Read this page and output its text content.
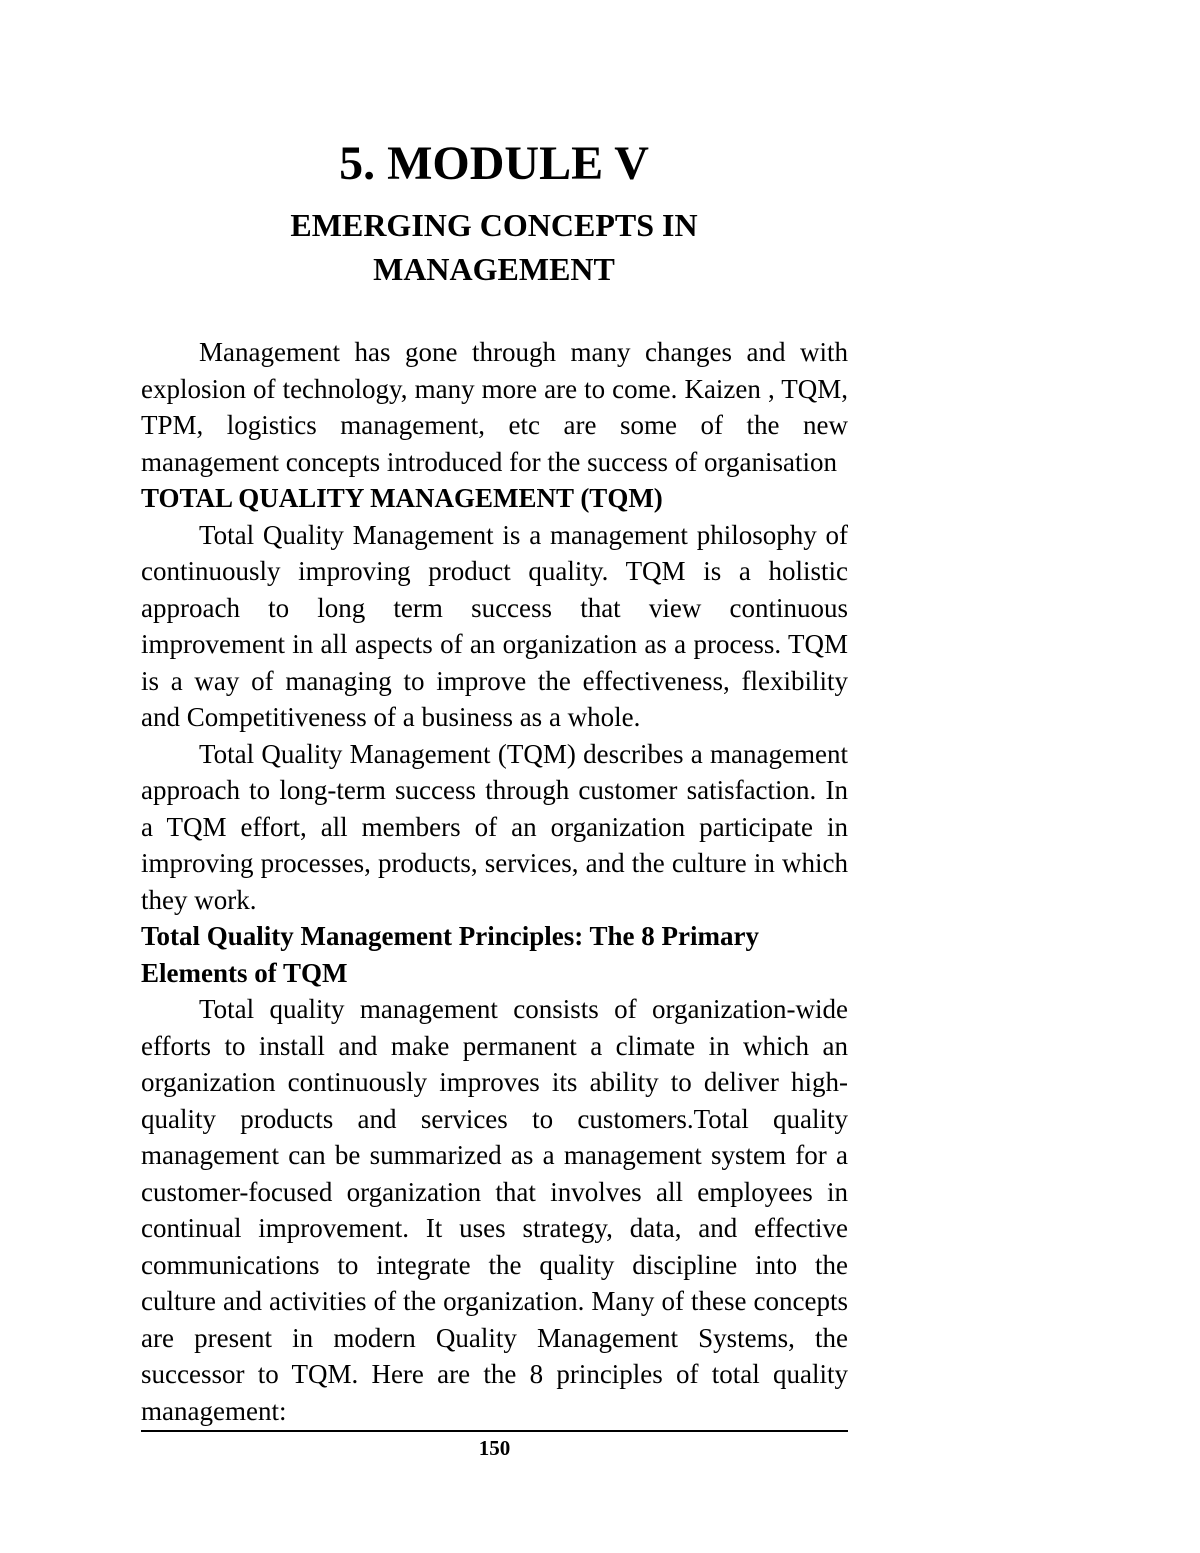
5. MODULE V
EMERGING CONCEPTS IN
MANAGEMENT

Management has gone through many changes and with explosion of technology, many more are to come. Kaizen , TQM, TPM, logistics management, etc are some of the new management concepts introduced for the success of organisation

TOTAL QUALITY MANAGEMENT (TQM)

Total Quality Management is a management philosophy of continuously improving product quality. TQM is a holistic approach to long term success that view continuous improvement in all aspects of an organization as a process. TQM is a way of managing to improve the effectiveness, flexibility and Competitiveness of a business as a whole.

Total Quality Management (TQM) describes a management approach to long-term success through customer satisfaction. In a TQM effort, all members of an organization participate in improving processes, products, services, and the culture in which they work.

Total Quality Management Principles: The 8 Primary Elements of TQM

Total quality management consists of organization-wide efforts to install and make permanent a climate in which an organization continuously improves its ability to deliver high-quality products and services to customers.Total quality management can be summarized as a management system for a customer-focused organization that involves all employees in continual improvement. It uses strategy, data, and effective communications to integrate the quality discipline into the culture and activities of the organization. Many of these concepts are present in modern Quality Management Systems, the successor to TQM. Here are the 8 principles of total quality management:

150
